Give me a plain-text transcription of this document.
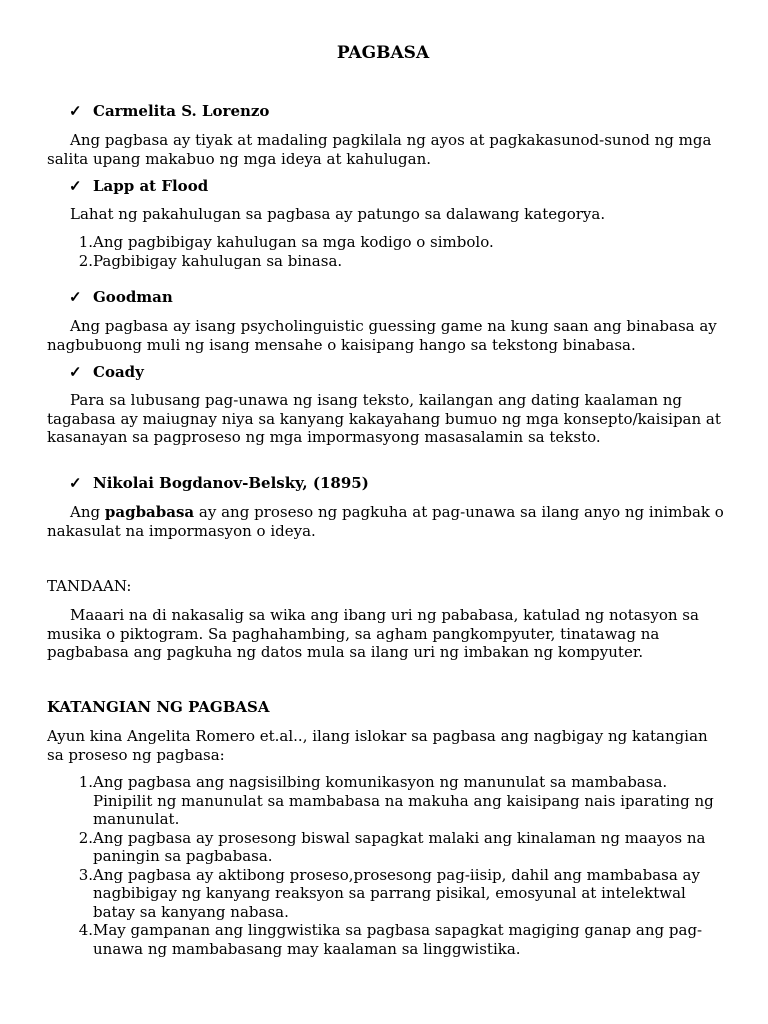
PAGBASA
✓ Carmelita S. Lorenzo
Ang pagbasa ay tiyak at madaling pagkilala ng ayos at pagkakasunod-sunod ng mga salita upang makabuo ng mga ideya at kahulugan.
✓ Lapp at Flood
Lahat ng pakahulugan sa pagbasa ay patungo sa dalawang kategorya.
1. Ang pagbibigay kahulugan sa mga kodigo o simbolo.
2. Pagbibigay kahulugan sa binasa.
✓ Goodman
Ang pagbasa ay isang psycholinguistic guessing game na kung saan ang binabasa ay nagbubuong muli ng isang mensahe o kaisipang hango sa tekstong binabasa.
✓ Coady
Para sa lubusang pag-unawa ng isang teksto, kailangan ang dating kaalaman ng tagabasa ay maiugnay niya sa kanyang kakayahang bumuo ng mga konsepto/kaisipan at kasanayan sa pagproseso ng mga impormasyong masasalamin sa teksto.
✓ Nikolai Bogdanov-Belsky, (1895)
Ang pagbabasa ay ang proseso ng pagkuha at pag-unawa sa ilang anyo ng inimbak o nakasulat na impormasyon o ideya.
TANDAAN:
Maaari na di nakasalig sa wika ang ibang uri ng pababasa, katulad ng notasyon sa musika o piktogram. Sa paghahambing, sa agham pangkompyuter, tinatawag na pagbabasa ang pagkuha ng datos mula sa ilang uri ng imbakan ng kompyuter.
KATANGIAN NG PAGBASA
Ayun kina Angelita Romero et.al.., ilang islokar sa pagbasa ang nagbigay ng katangian sa proseso ng pagbasa:
1. Ang pagbasa ang nagsisilbing komunikasyon ng manunulat sa mambabasa. Pinipilit ng manunulat sa mambabasa na makuha ang kaisipang nais iparating ng manunulat.
2. Ang pagbasa ay prosesong biswal sapagkat malaki ang kinalaman ng maayos na paningin sa pagbabasa.
3. Ang pagbasa ay aktibong proseso,prosesong pag-iisip, dahil ang mambabasa ay nagbibigay ng kanyang reaksyon sa parrang pisikal, emosyunal at intelektwal batay sa kanyang nabasa.
4. May gampanan ang linggwistika sa pagbasa sapagkat magiging ganap ang pag-unawa ng mambabasang may kaalaman sa linggwistika.
